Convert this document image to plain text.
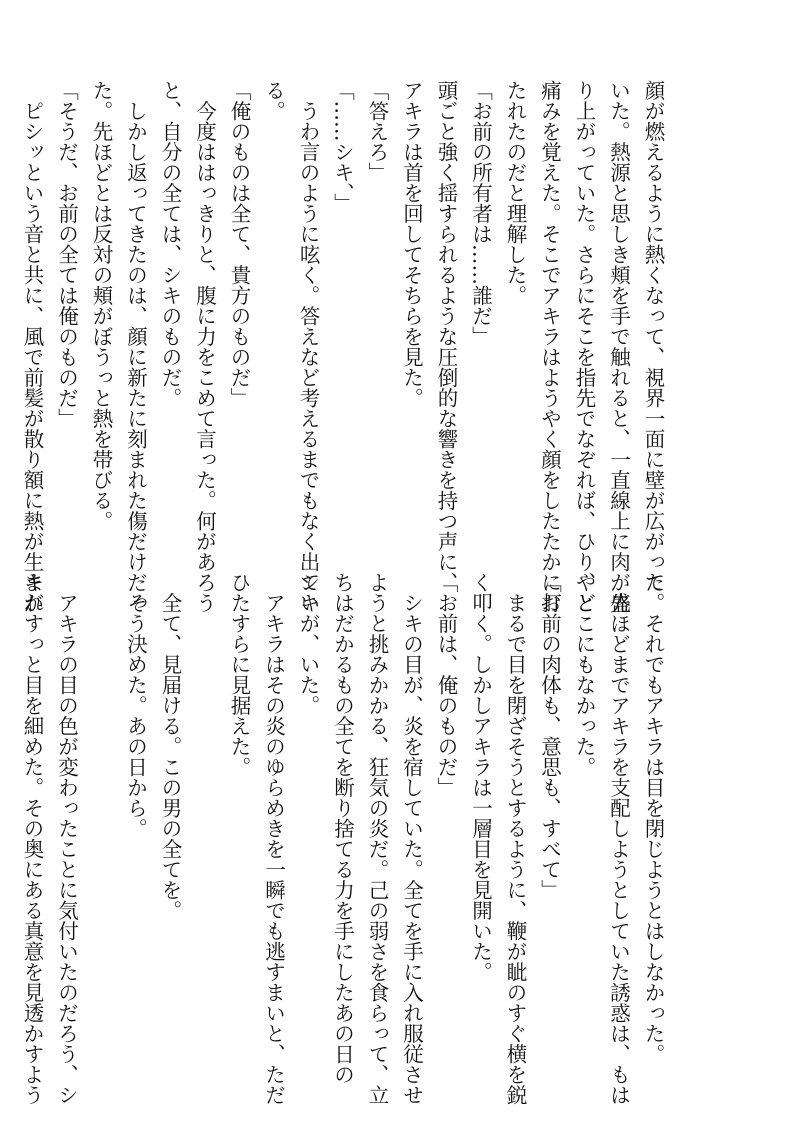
顔が燃えるように熱くなって、視界一面に壁が広がって
いた。熱源と思しき頬を手で触れると、一直線上に肉が盛
り上がっていた。さらにそこを指先でなぞれば、ひり、と
痛みを覚えた。そこでアキラはようやく顔をしたたかに打
たれたのだと理解した。
「お前の所有者は……誰だ」
頭ごと強く揺すられるような圧倒的な響きを持つ声に、
アキラは首を回してそちらを見た。
「答えろ」
「……シキ、」
　うわ言のように呟く。答えなど考えるまでもなく出てい
る。
「俺のものは全て、貴方のものだ」
　今度ははっきりと、腹に力をこめて言った。何があろう
と、自分の全ては、シキのものだ。
　しかし返ってきたのは、顔に新たに刻まれた傷だけだっ
た。先ほどとは反対の頬がぼうっと熱を帯びる。
「そうだ、お前の全ては俺のものだ」
　ピシッという音と共に、風で前髪が散り額に熱が生まれ
た。それでもアキラは目を閉じようとはしなかった。
　先ほどまでアキラを支配しようとしていた誘惑は、もは
やどこにもなかった。
「お前の肉体も、意思も、すべて」
　まるで目を閉ざそうとするように、鞭が眦のすぐ横を鋭
く叩く。しかしアキラは一層目を見開いた。
「お前は、俺のものだ」
　シキの目が、炎を宿していた。全てを手に入れ服従させ
ようと挑みかかる、狂気の炎だ。己の弱さを食らって、立
ちはだかるもの全てを断り捨てる力を手にしたあの日の
シキが、いた。
　アキラはその炎のゆらめきを一瞬でも逃すまいと、ただ
ひたすらに見据えた。

　全て、見届ける。この男の全てを。
　そう決めた。あの日から。

　アキラの目の色が変わったことに気付いたのだろう、シ
キがすっと目を細めた。その奥にある真意を見透かすよう
